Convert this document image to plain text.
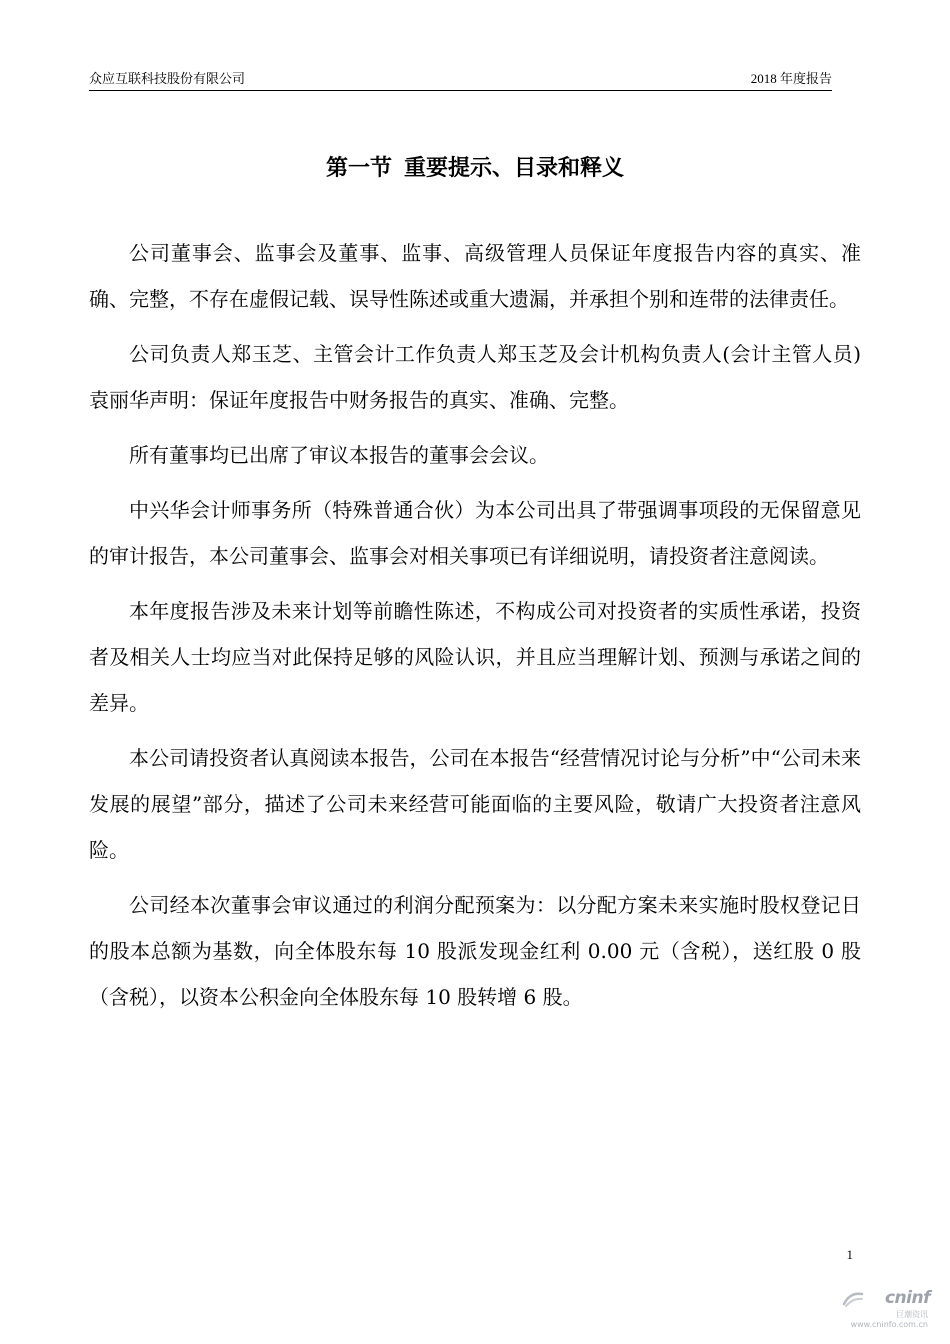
众应互联科技股份有限公司	2018 年度报告
第一节 重要提示、目录和释义

公司董事会、监事会及董事、监事、高级管理人员保证年度报告内容的真实、准确、完整，不存在虚假记载、误导性陈述或重大遗漏，并承担个别和连带的法律责任。

公司负责人郑玉芝、主管会计工作负责人郑玉芝及会计机构负责人(会计主管人员)袁丽华声明：保证年度报告中财务报告的真实、准确、完整。

所有董事均已出席了审议本报告的董事会会议。

中兴华会计师事务所（特殊普通合伙）为本公司出具了带强调事项段的无保留意见的审计报告，本公司董事会、监事会对相关事项已有详细说明，请投资者注意阅读。

本年度报告涉及未来计划等前瞻性陈述，不构成公司对投资者的实质性承诺，投资者及相关人士均应当对此保持足够的风险认识，并且应当理解计划、预测与承诺之间的差异。

本公司请投资者认真阅读本报告，公司在本报告“经营情况讨论与分析”中“公司未来发展的展望”部分，描述了公司未来经营可能面临的主要风险，敬请广大投资者注意风险。

公司经本次董事会审议通过的利润分配预案为：以分配方案未来实施时股权登记日的股本总额为基数，向全体股东每 10 股派发现金红利 0.00 元（含税），送红股 0 股（含税），以资本公积金向全体股东每 10 股转增 6 股。

1
cninf
巨潮资讯
www.cninfo.com.cn
